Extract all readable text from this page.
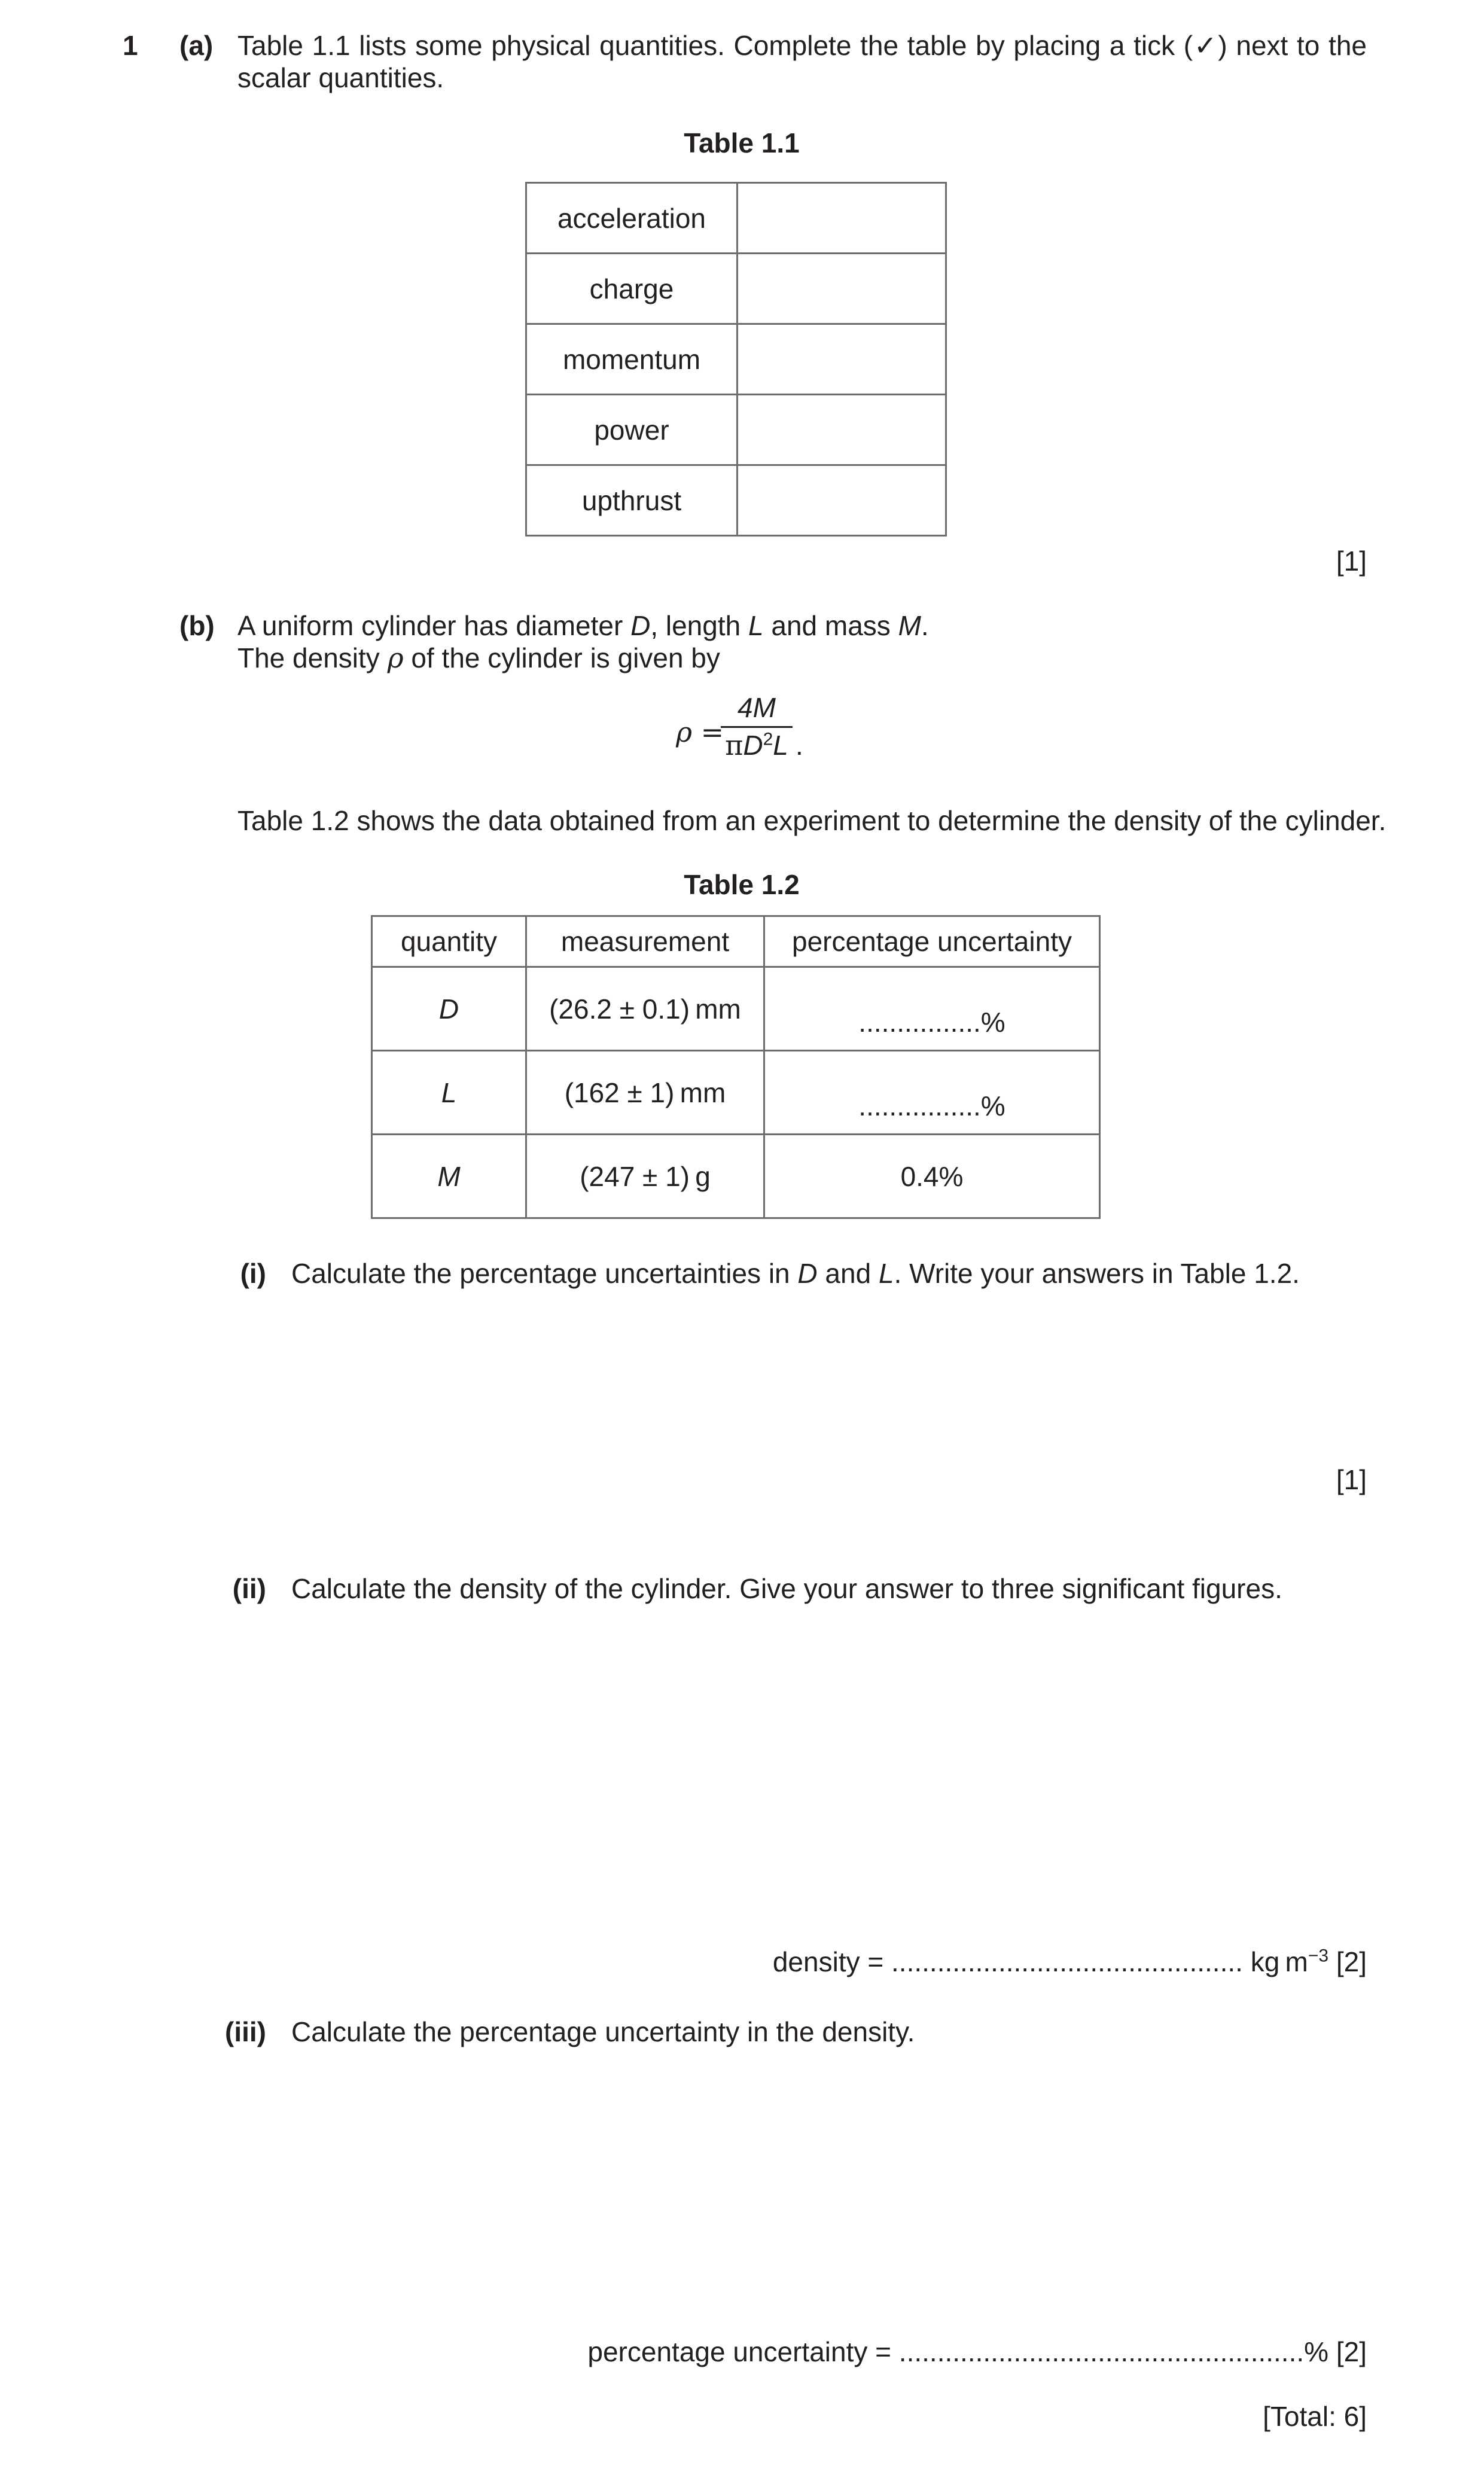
1 (a) Table 1.1 lists some physical quantities. Complete the table by placing a tick (✓) next to the
scalar quantities.
Table 1.1
acceleration	
charge	
momentum	
power	
upthrust	
[1]
(b) A uniform cylinder has diameter D, length L and mass M.
The density ρ of the cylinder is given by
ρ =
$\frac{4M}{\pi D^2L}$ .
Table 1.2 shows the data obtained from an experiment to determine the density of the cylinder.
Table 1.2
quantity	measurement	percentage uncertainty
D	(26.2 ± 0.1) mm	................%
L	(162 ± 1) mm	................%
M	(247 ± 1) g	0.4%
(i) Calculate the percentage uncertainties in D and L. Write your answers in Table 1.2.
[1]
(ii) Calculate the density of the cylinder. Give your answer to three significant figures.
density = .............................................. kg $m^{-3}$ [2]
(iii) Calculate the percentage uncertainty in the density.
percentage uncertainty = .....................................................% [2]
[Total: 6]
